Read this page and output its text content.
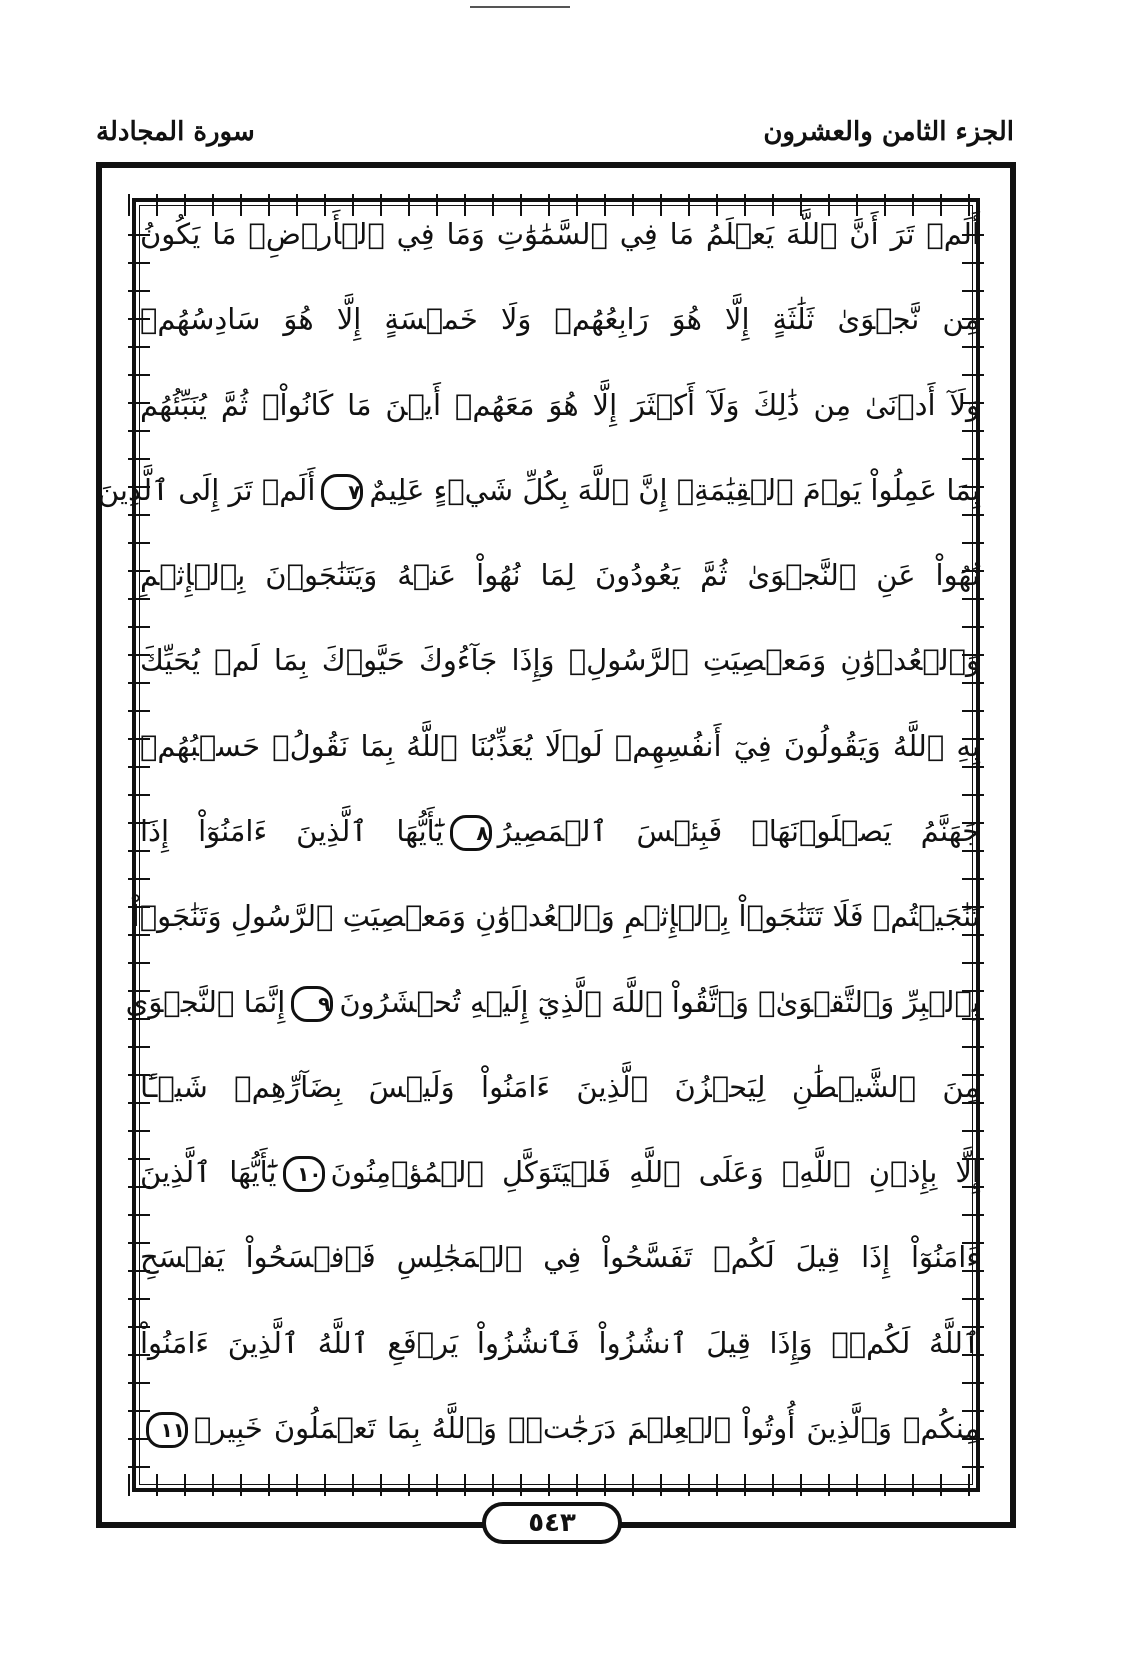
سورة المجادلة	الجزء الثامن والعشرون
أَلَمۡ تَرَ أَنَّ ٱللَّهَ يَعۡلَمُ مَا فِي ٱلسَّمَٰوَٰتِ وَمَا فِي ٱلۡأَرۡضِۖ مَا يَكُونُ
مِن نَّجۡوَىٰ ثَلَٰثَةٍ إِلَّا هُوَ رَابِعُهُمۡ وَلَا خَمۡسَةٍ إِلَّا هُوَ سَادِسُهُمۡ
وَلَآ أَدۡنَىٰ مِن ذَٰلِكَ وَلَآ أَكۡثَرَ إِلَّا هُوَ مَعَهُمۡ أَيۡنَ مَا كَانُواْۖ ثُمَّ يُنَبِّئُهُم
بِمَا عَمِلُواْ يَوۡمَ ٱلۡقِيَٰمَةِۚ إِنَّ ٱللَّهَ بِكُلِّ شَيۡءٍ عَلِيمٌ٧أَلَمۡ تَرَ إِلَى ٱلَّذِينَ
نُهُواْ عَنِ ٱلنَّجۡوَىٰ ثُمَّ يَعُودُونَ لِمَا نُهُواْ عَنۡهُ وَيَتَنَٰجَوۡنَ بِٱلۡإِثۡمِ
وَٱلۡعُدۡوَٰنِ وَمَعۡصِيَتِ ٱلرَّسُولِۖ وَإِذَا جَآءُوكَ حَيَّوۡكَ بِمَا لَمۡ يُحَيِّكَ
بِهِ ٱللَّهُ وَيَقُولُونَ فِيٓ أَنفُسِهِمۡ لَوۡلَا يُعَذِّبُنَا ٱللَّهُ بِمَا نَقُولُۚ حَسۡبُهُمۡ
جَهَنَّمُ يَصۡلَوۡنَهَاۖ فَبِئۡسَ ٱلۡمَصِيرُ٨يَٰٓأَيُّهَا ٱلَّذِينَ ءَامَنُوٓاْ إِذَا
تَنَٰجَيۡتُمۡ فَلَا تَتَنَٰجَوۡاْ بِٱلۡإِثۡمِ وَٱلۡعُدۡوَٰنِ وَمَعۡصِيَتِ ٱلرَّسُولِ وَتَنَٰجَوۡاْ
بِٱلۡبِرِّ وَٱلتَّقۡوَىٰۖ وَٱتَّقُواْ ٱللَّهَ ٱلَّذِيٓ إِلَيۡهِ تُحۡشَرُونَ٩إِنَّمَا ٱلنَّجۡوَىٰ
مِنَ ٱلشَّيۡطَٰنِ لِيَحۡزُنَ ٱلَّذِينَ ءَامَنُواْ وَلَيۡسَ بِضَآرِّهِمۡ شَيۡـًٔا
إِلَّا بِإِذۡنِ ٱللَّهِۚ وَعَلَى ٱللَّهِ فَلۡيَتَوَكَّلِ ٱلۡمُؤۡمِنُونَ١٠يَٰٓأَيُّهَا ٱلَّذِينَ
ءَامَنُوٓاْ إِذَا قِيلَ لَكُمۡ تَفَسَّحُواْ فِي ٱلۡمَجَٰلِسِ فَٱفۡسَحُواْ يَفۡسَحِ
ٱللَّهُ لَكُمۡۖ وَإِذَا قِيلَ ٱنشُزُواْ فَٱنشُزُواْ يَرۡفَعِ ٱللَّهُ ٱلَّذِينَ ءَامَنُواْ
مِنكُمۡ وَٱلَّذِينَ أُوتُواْ ٱلۡعِلۡمَ دَرَجَٰتٖۚ وَٱللَّهُ بِمَا تَعۡمَلُونَ خَبِيرٞ١١
٥٤٣
